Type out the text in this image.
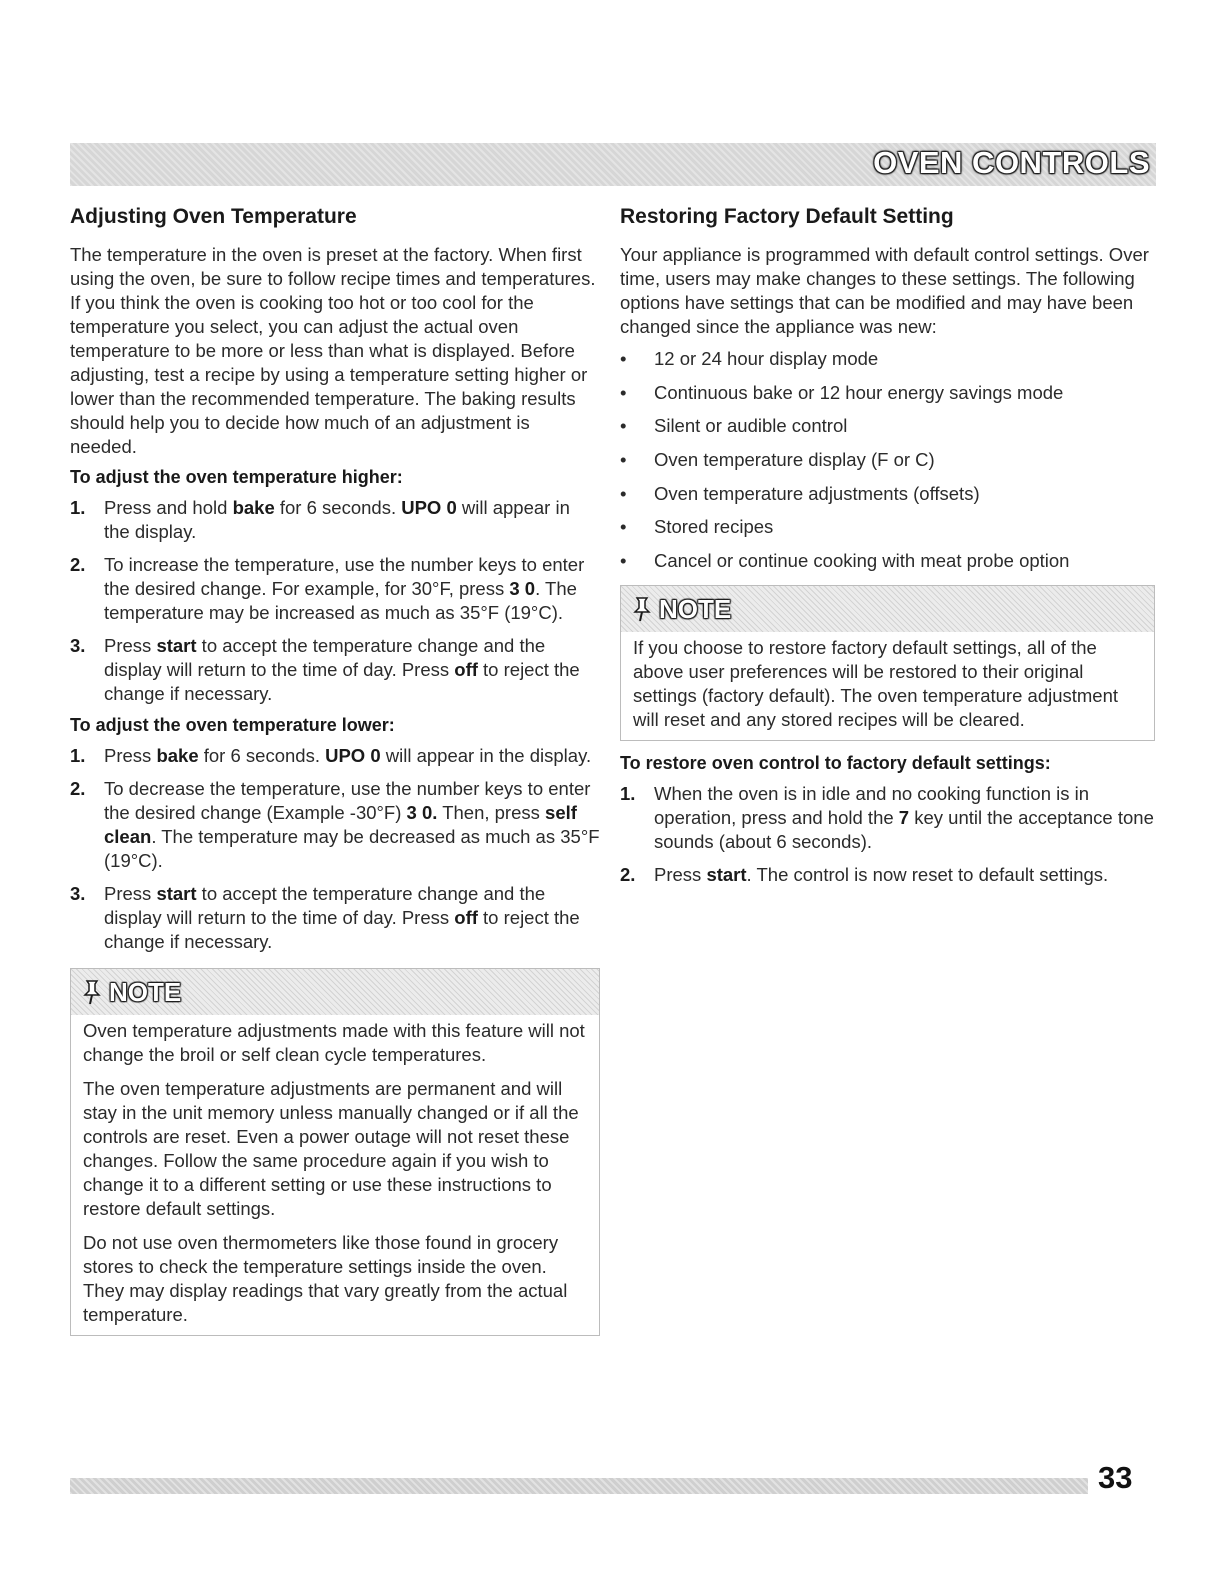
OVEN CONTROLS
Adjusting Oven Temperature

The temperature in the oven is preset at the factory. When first using the oven, be sure to follow recipe times and temperatures. If you think the oven is cooking too hot or too cool for the temperature you select, you can adjust the actual oven temperature to be more or less than what is displayed. Before adjusting, test a recipe by using a temperature setting higher or lower than the recommended temperature. The baking results should help you to decide how much of an adjustment is needed.

To adjust the oven temperature higher:
1. Press and hold bake for 6 seconds. UPO 0 will appear in the display.
2. To increase the temperature, use the number keys to enter the desired change. For example, for 30°F, press 3 0. The temperature may be increased as much as 35°F (19°C).
3. Press start to accept the temperature change and the display will return to the time of day. Press off to reject the change if necessary.
To adjust the oven temperature lower:
1. Press bake for 6 seconds. UPO 0 will appear in the display.
2. To decrease the temperature, use the number keys to enter the desired change (Example -30°F) 3 0. Then, press self clean. The temperature may be decreased as much as 35°F (19°C).
3. Press start to accept the temperature change and the display will return to the time of day. Press off to reject the change if necessary.
NOTE

Oven temperature adjustments made with this feature will not change the broil or self clean cycle temperatures.

The oven temperature adjustments are permanent and will stay in the unit memory unless manually changed or if all the controls are reset. Even a power outage will not reset these changes. Follow the same procedure again if you wish to change it to a different setting or use these instructions to restore default settings.

Do not use oven thermometers like those found in grocery stores to check the temperature settings inside the oven. They may display readings that vary greatly from the actual temperature.

Restoring Factory Default Setting

Your appliance is programmed with default control settings. Over time, users may make changes to these settings. The following options have settings that can be modified and may have been changed since the appliance was new:

• 12 or 24 hour display mode
• Continuous bake or 12 hour energy savings mode
• Silent or audible control
• Oven temperature display (F or C)
• Oven temperature adjustments (offsets)
• Stored recipes
• Cancel or continue cooking with meat probe option
NOTE

If you choose to restore factory default settings, all of the above user preferences will be restored to their original settings (factory default). The oven temperature adjustment will reset and any stored recipes will be cleared.

To restore oven control to factory default settings:
1. When the oven is in idle and no cooking function is in operation, press and hold the 7 key until the acceptance tone sounds (about 6 seconds).
2. Press start. The control is now reset to default settings.
33
